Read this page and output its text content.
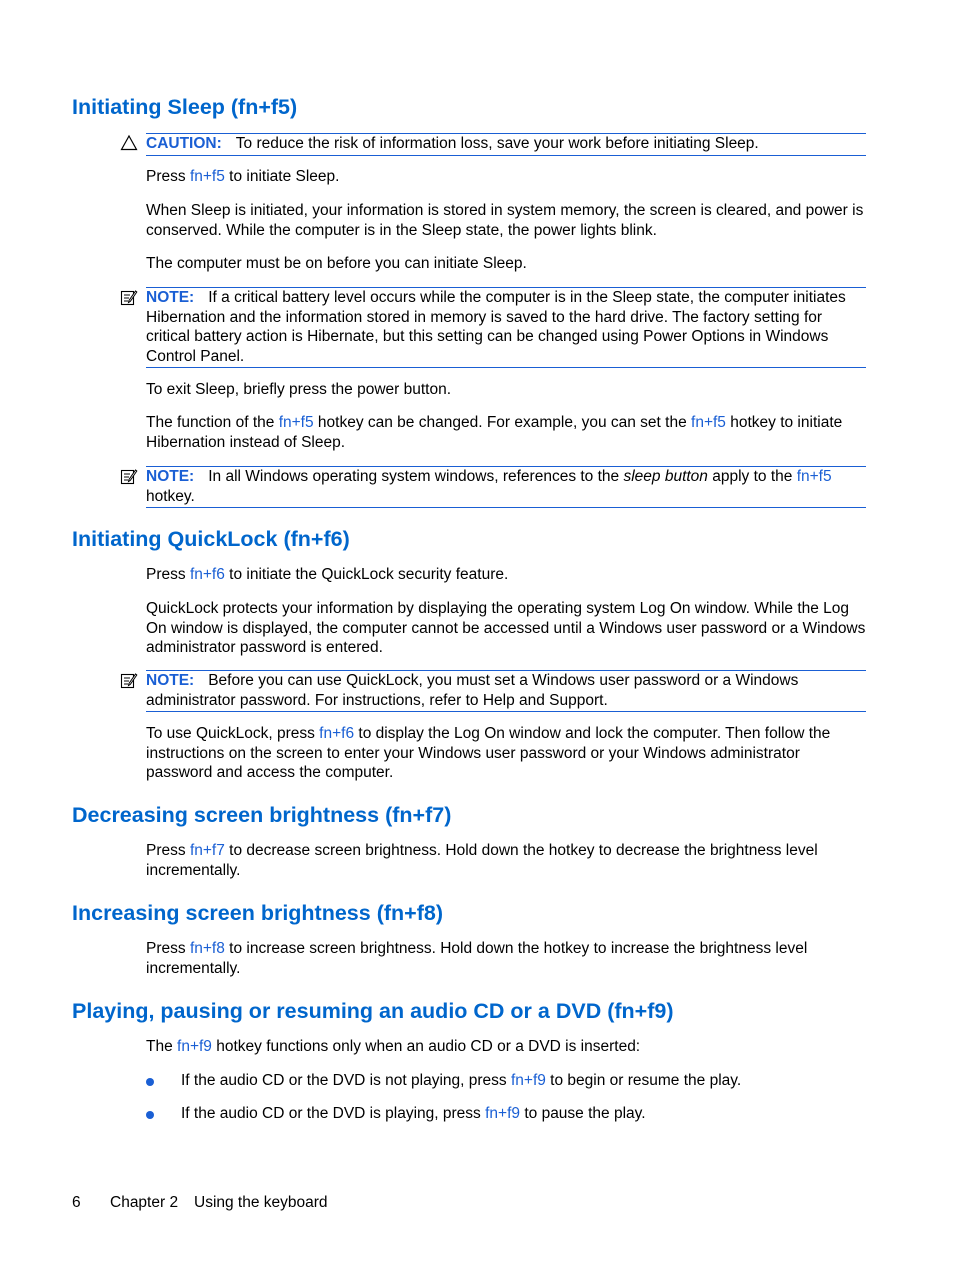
Initiating Sleep (fn+f5)
CAUTION: To reduce the risk of information loss, save your work before initiating Sleep.

Press fn+f5 to initiate Sleep.

When Sleep is initiated, your information is stored in system memory, the screen is cleared, and power is conserved. While the computer is in the Sleep state, the power lights blink.

The computer must be on before you can initiate Sleep.

NOTE: If a critical battery level occurs while the computer is in the Sleep state, the computer initiates Hibernation and the information stored in memory is saved to the hard drive. The factory setting for critical battery action is Hibernate, but this setting can be changed using Power Options in Windows Control Panel.

To exit Sleep, briefly press the power button.

The function of the fn+f5 hotkey can be changed. For example, you can set the fn+f5 hotkey to initiate Hibernation instead of Sleep.

NOTE: In all Windows operating system windows, references to the sleep button apply to the fn+f5 hotkey.
Initiating QuickLock (fn+f6)

Press fn+f6 to initiate the QuickLock security feature.

QuickLock protects your information by displaying the operating system Log On window. While the Log On window is displayed, the computer cannot be accessed until a Windows user password or a Windows administrator password is entered.

NOTE: Before you can use QuickLock, you must set a Windows user password or a Windows administrator password. For instructions, refer to Help and Support.

To use QuickLock, press fn+f6 to display the Log On window and lock the computer. Then follow the instructions on the screen to enter your Windows user password or your Windows administrator password and access the computer.

Decreasing screen brightness (fn+f7)

Press fn+f7 to decrease screen brightness. Hold down the hotkey to decrease the brightness level incrementally.

Increasing screen brightness (fn+f8)

Press fn+f8 to increase screen brightness. Hold down the hotkey to increase the brightness level incrementally.

Playing, pausing or resuming an audio CD or a DVD (fn+f9)

The fn+f9 hotkey functions only when an audio CD or a DVD is inserted:

If the audio CD or the DVD is not playing, press fn+f9 to begin or resume the play.
If the audio CD or the DVD is playing, press fn+f9 to pause the play.
6 Chapter 2 Using the keyboard
